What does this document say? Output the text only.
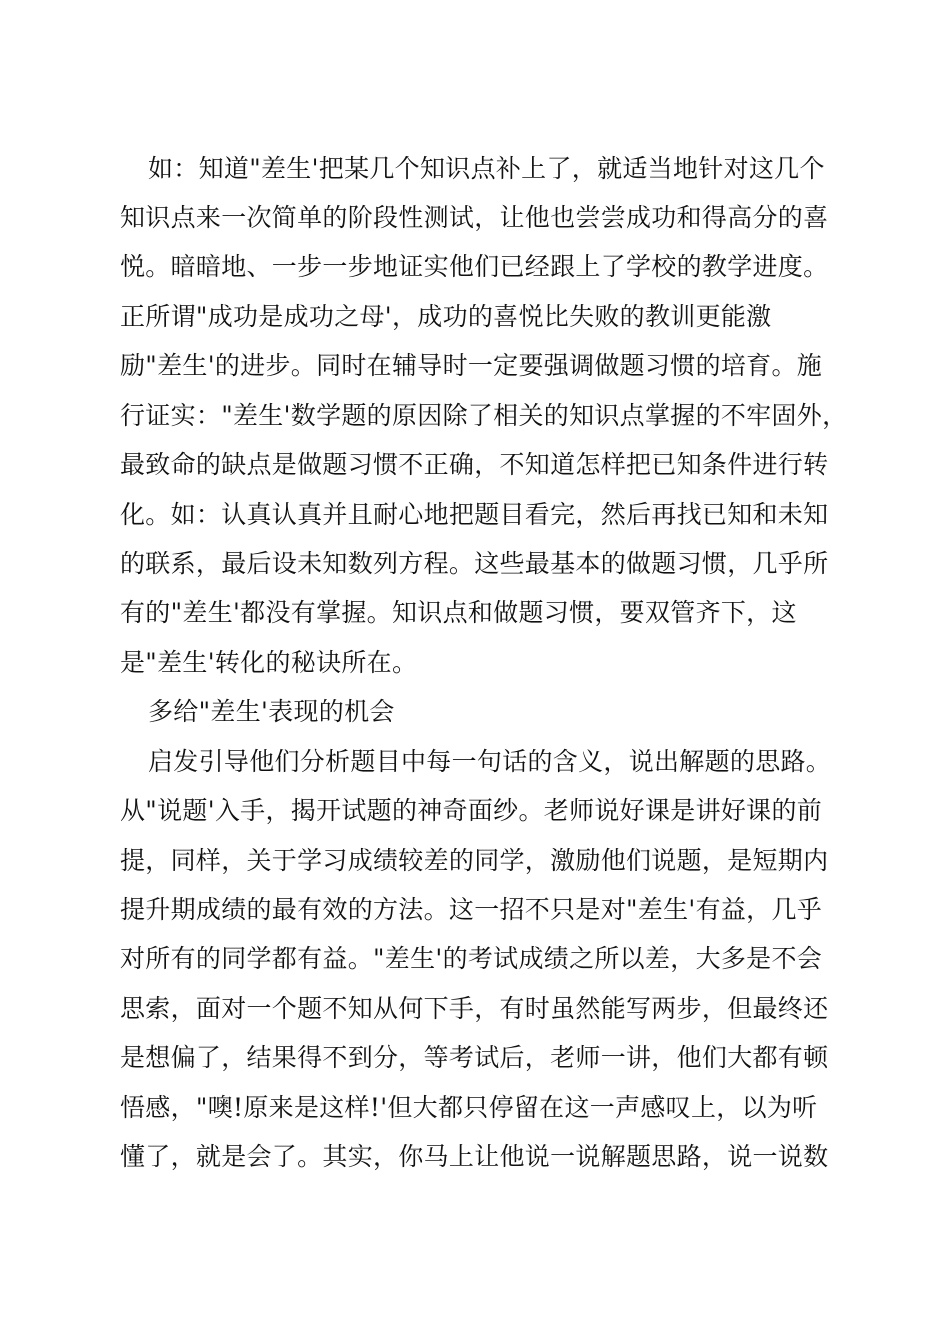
如：知道"差生'把某几个知识点补上了，就适当地针对这几个
知识点来一次简单的阶段性测试，让他也尝尝成功和得高分的喜
悦。暗暗地、一步一步地证实他们已经跟上了学校的教学进度。
正所谓"成功是成功之母'，成功的喜悦比失败的教训更能激
励"差生'的进步。同时在辅导时一定要强调做题习惯的培育。施
行证实："差生'数学题的原因除了相关的知识点掌握的不牢固外，
最致命的缺点是做题习惯不正确，不知道怎样把已知条件进行转
化。如：认真认真并且耐心地把题目看完，然后再找已知和未知
的联系，最后设未知数列方程。这些最基本的做题习惯，几乎所
有的"差生'都没有掌握。知识点和做题习惯，要双管齐下，这
是"差生'转化的秘诀所在。
多给"差生'表现的机会
启发引导他们分析题目中每一句话的含义，说出解题的思路。
从"说题'入手，揭开试题的神奇面纱。老师说好课是讲好课的前
提，同样，关于学习成绩较差的同学，激励他们说题，是短期内
提升期成绩的最有效的方法。这一招不只是对"差生'有益，几乎
对所有的同学都有益。"差生'的考试成绩之所以差，大多是不会
思索，面对一个题不知从何下手，有时虽然能写两步，但最终还
是想偏了，结果得不到分，等考试后，老师一讲，他们大都有顿
悟感，"噢!原来是这样!'但大都只停留在这一声感叹上，以为听
懂了，就是会了。其实，你马上让他说一说解题思路，说一说数
